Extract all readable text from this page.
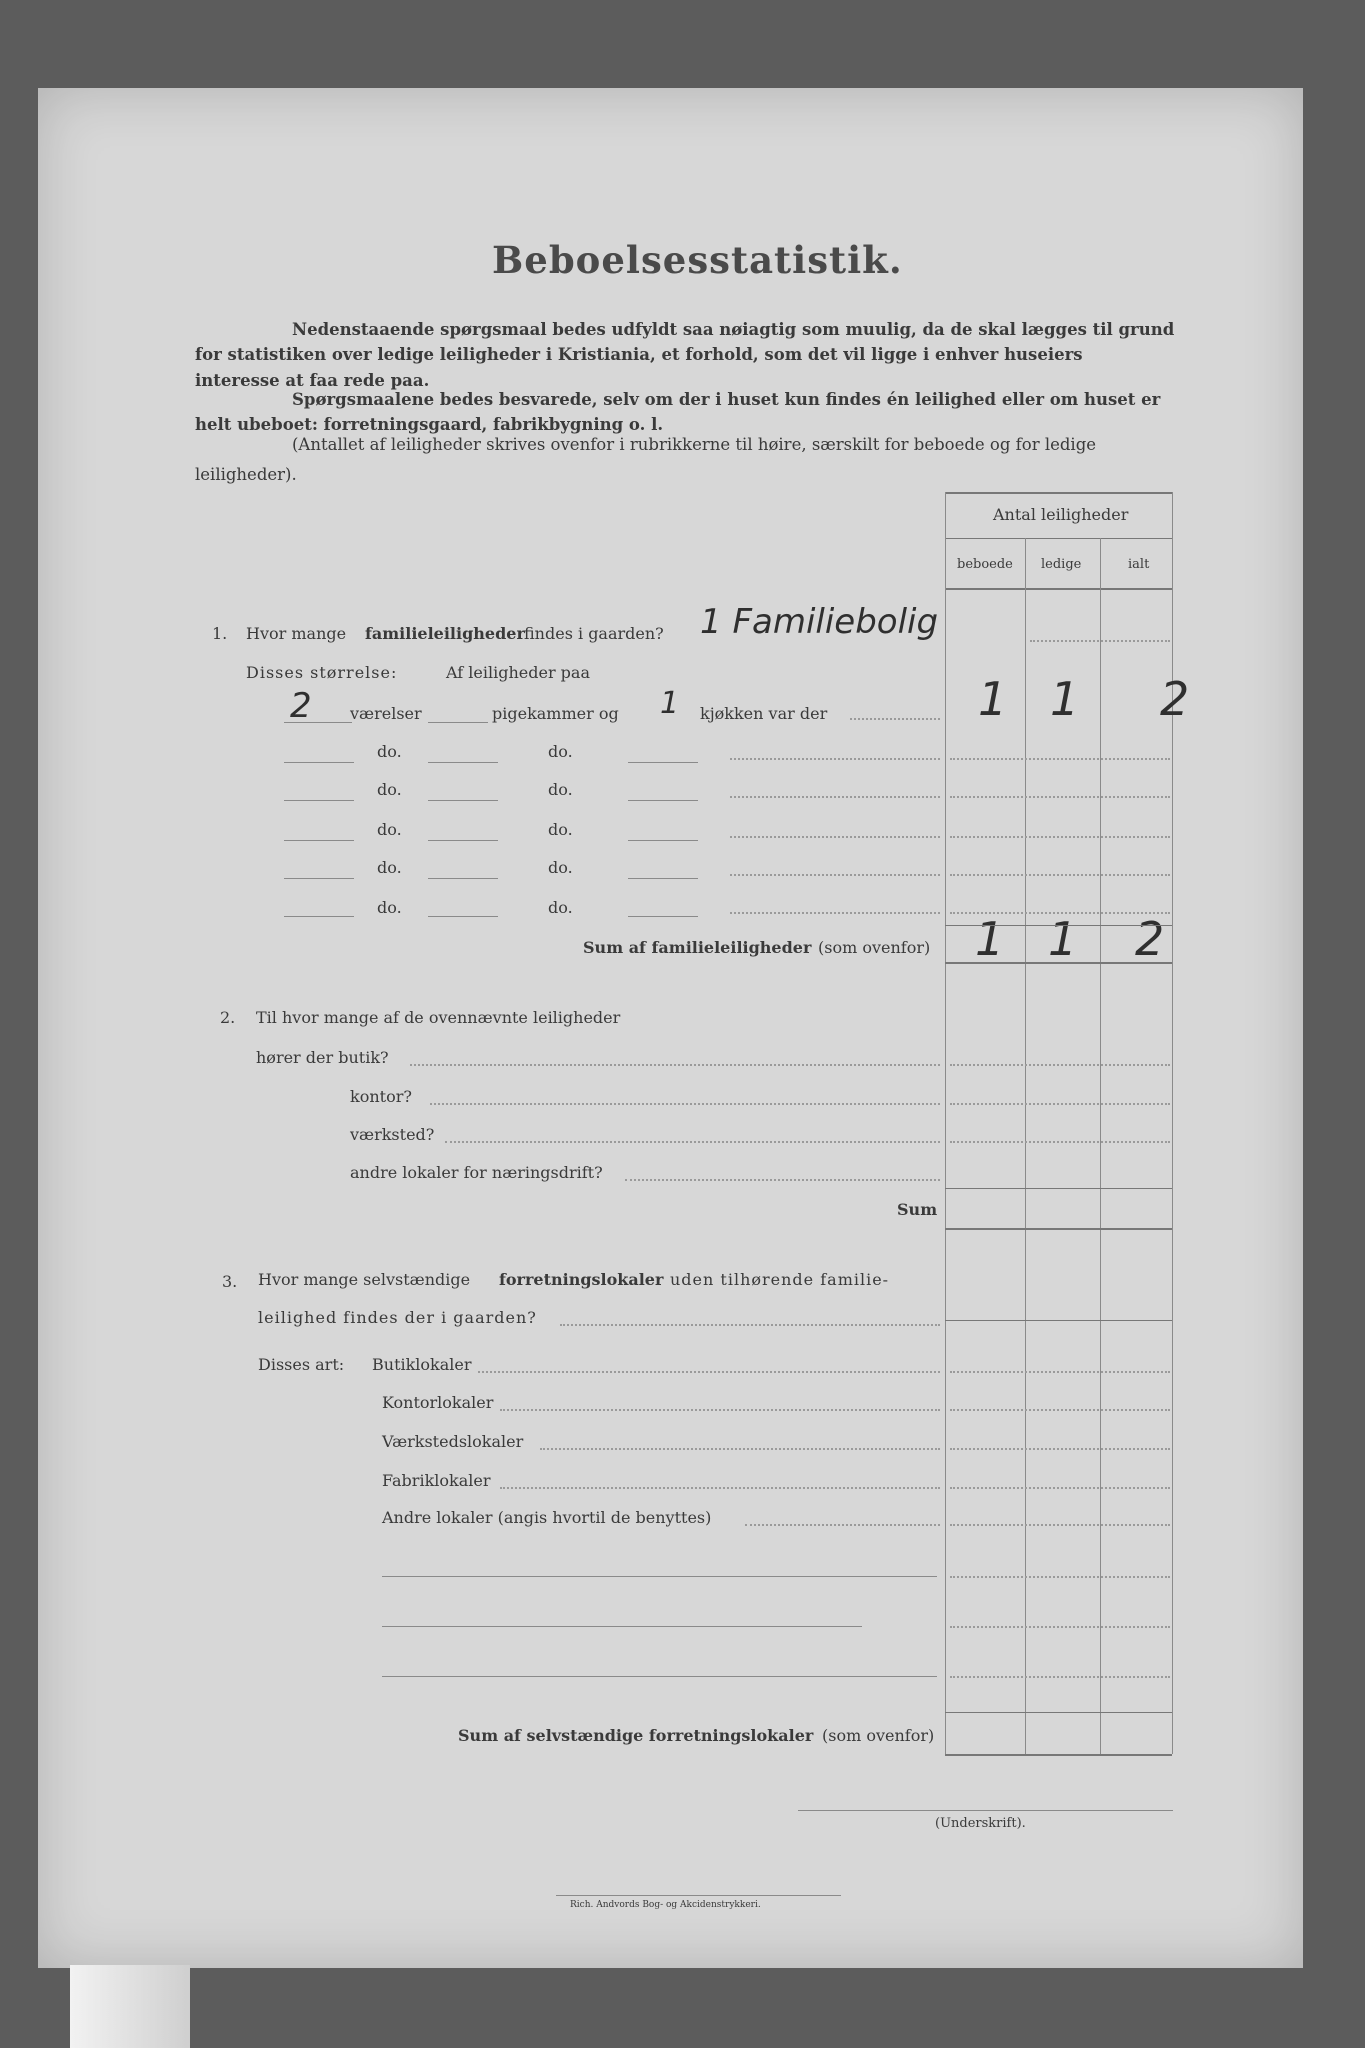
Beboelsesstatistik.
Nedenstaaende spørgsmaal bedes udfyldt saa nøiagtig som muulig, da de skal lægges til grund
for statistiken over ledige leiligheder i Kristiania, et forhold, som det vil ligge i enhver huseiers
interesse at faa rede paa.
Spørgsmaalene bedes besvarede, selv om der i huset kun findes én leilighed eller om huset er
helt ubeboet: forretningsgaard, fabrikbygning o. l.
(Antallet af leiligheder skrives ovenfor i rubrikkerne til høire, særskilt for beboede og for ledige
leiligheder).
Antal leiligheder
beboede ledige	ialt
1. Hvor mange familieleiligheder findes i gaarden? 1 Familiebolig
Disses størrelse:	Af leiligheder paa
2 værelser	pigekammer og 1 kjøkken var der	1 1 2
do.	do.
do.	do.
do.	do.
do.	do.
do.	do.
Sum af familieleiligheder (som ovenfor) 1 1 2
2. Til hvor mange af de ovennævnte leiligheder
hører der butik?
kontor?
værksted?
andre lokaler for næringsdrift?
Sum
3. Hvor mange selvstændige forretningslokaler uden tilhørende familie-
leilighed findes der i gaarden?
Disses art: Butiklokaler
Kontorlokaler
Værkstedslokaler
Fabriklokaler
Andre lokaler (angis hvortil de benyttes)
Sum af selvstændige forretningslokaler (som ovenfor)
(Underskrift).
Rich. Andvords Bog- og Akcidenstrykkeri.
